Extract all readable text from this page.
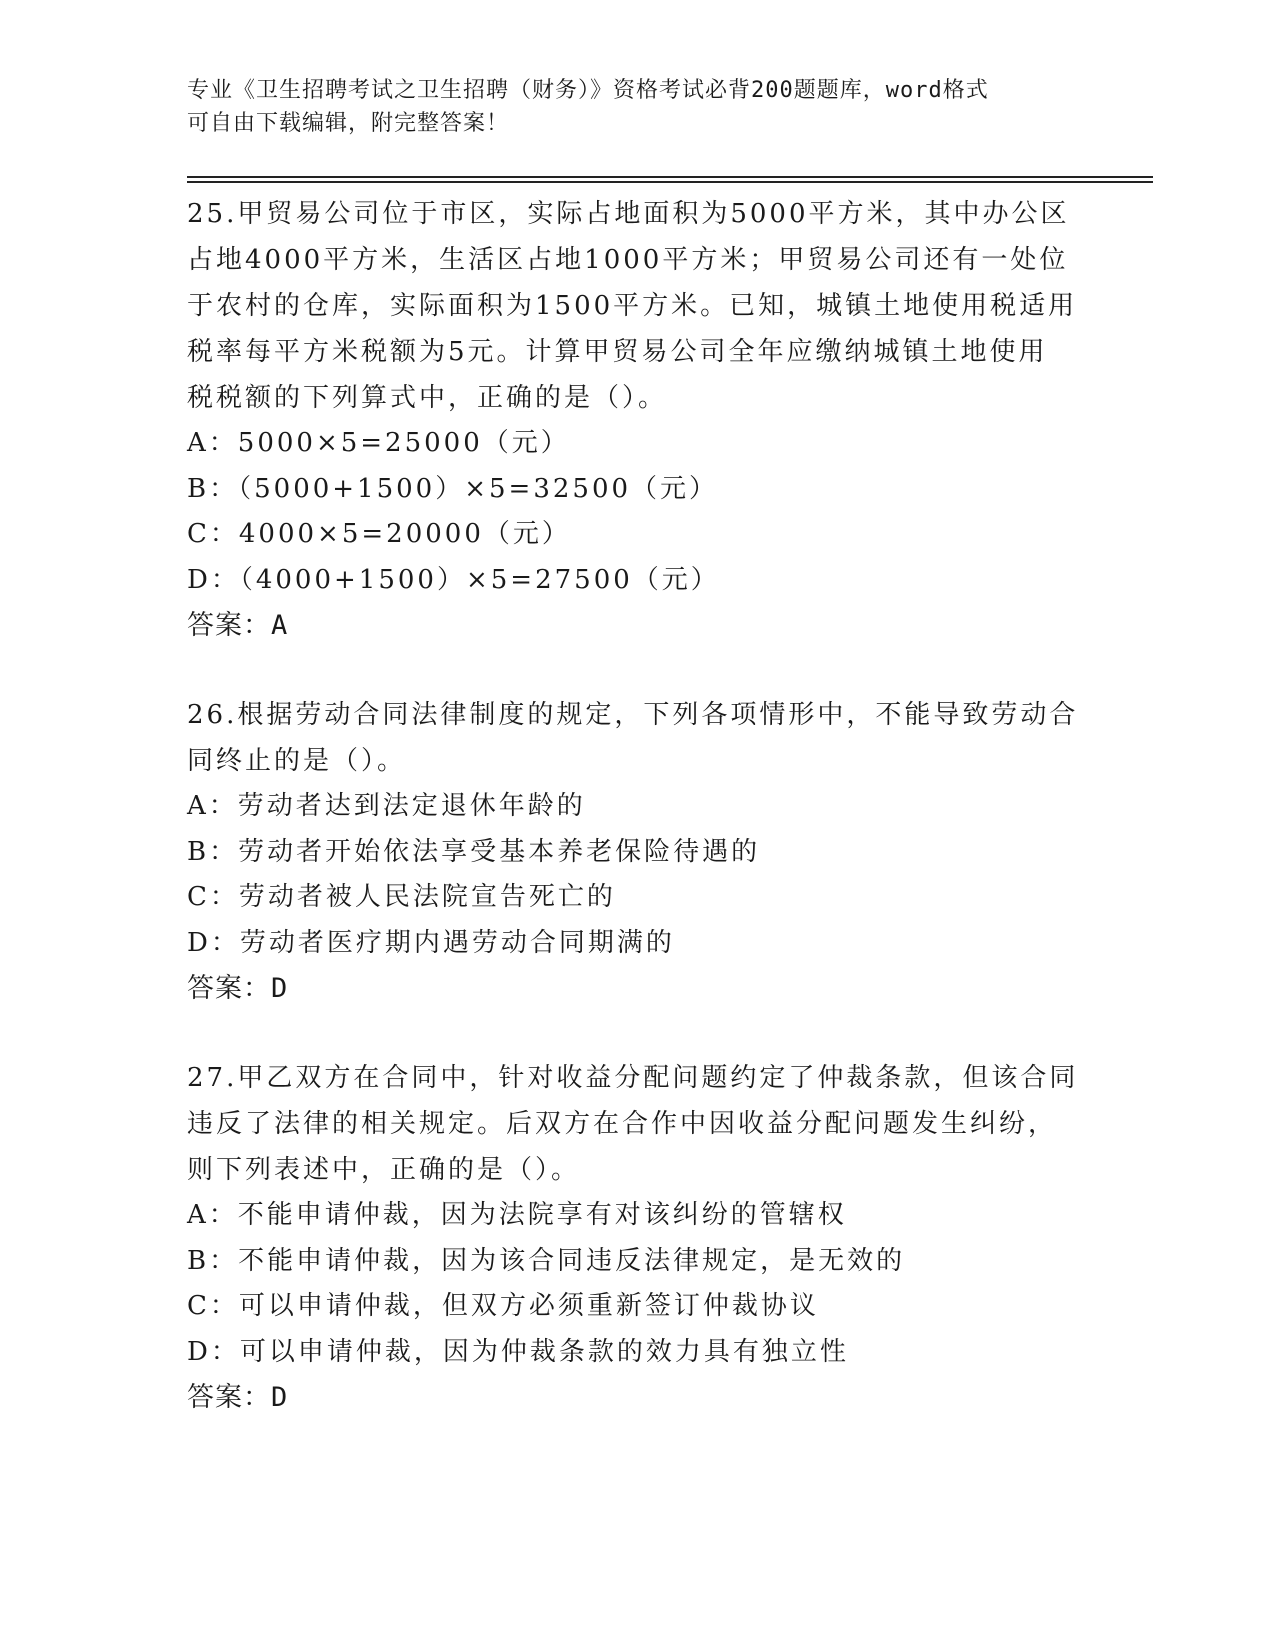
专业《卫生招聘考试之卫生招聘（财务）》资格考试必背200题题库，word格式
可自由下载编辑，附完整答案！
25.甲贸易公司位于市区，实际占地面积为5000平方米，其中办公区
占地4000平方米，生活区占地1000平方米；甲贸易公司还有一处位
于农村的仓库，实际面积为1500平方米。已知，城镇土地使用税适用
税率每平方米税额为5元。计算甲贸易公司全年应缴纳城镇土地使用
税税额的下列算式中，正确的是（）。
A：5000×5=25000（元）
B：（5000+1500）×5=32500（元）
C：4000×5=20000（元）
D：（4000+1500）×5=27500（元）
答案：A
26.根据劳动合同法律制度的规定，下列各项情形中，不能导致劳动合
同终止的是（）。
A：劳动者达到法定退休年龄的
B：劳动者开始依法享受基本养老保险待遇的
C：劳动者被人民法院宣告死亡的
D：劳动者医疗期内遇劳动合同期满的
答案：D
27.甲乙双方在合同中，针对收益分配问题约定了仲裁条款，但该合同
违反了法律的相关规定。后双方在合作中因收益分配问题发生纠纷，
则下列表述中，正确的是（）。
A：不能申请仲裁，因为法院享有对该纠纷的管辖权
B：不能申请仲裁，因为该合同违反法律规定，是无效的
C：可以申请仲裁，但双方必须重新签订仲裁协议
D：可以申请仲裁，因为仲裁条款的效力具有独立性
答案：D
